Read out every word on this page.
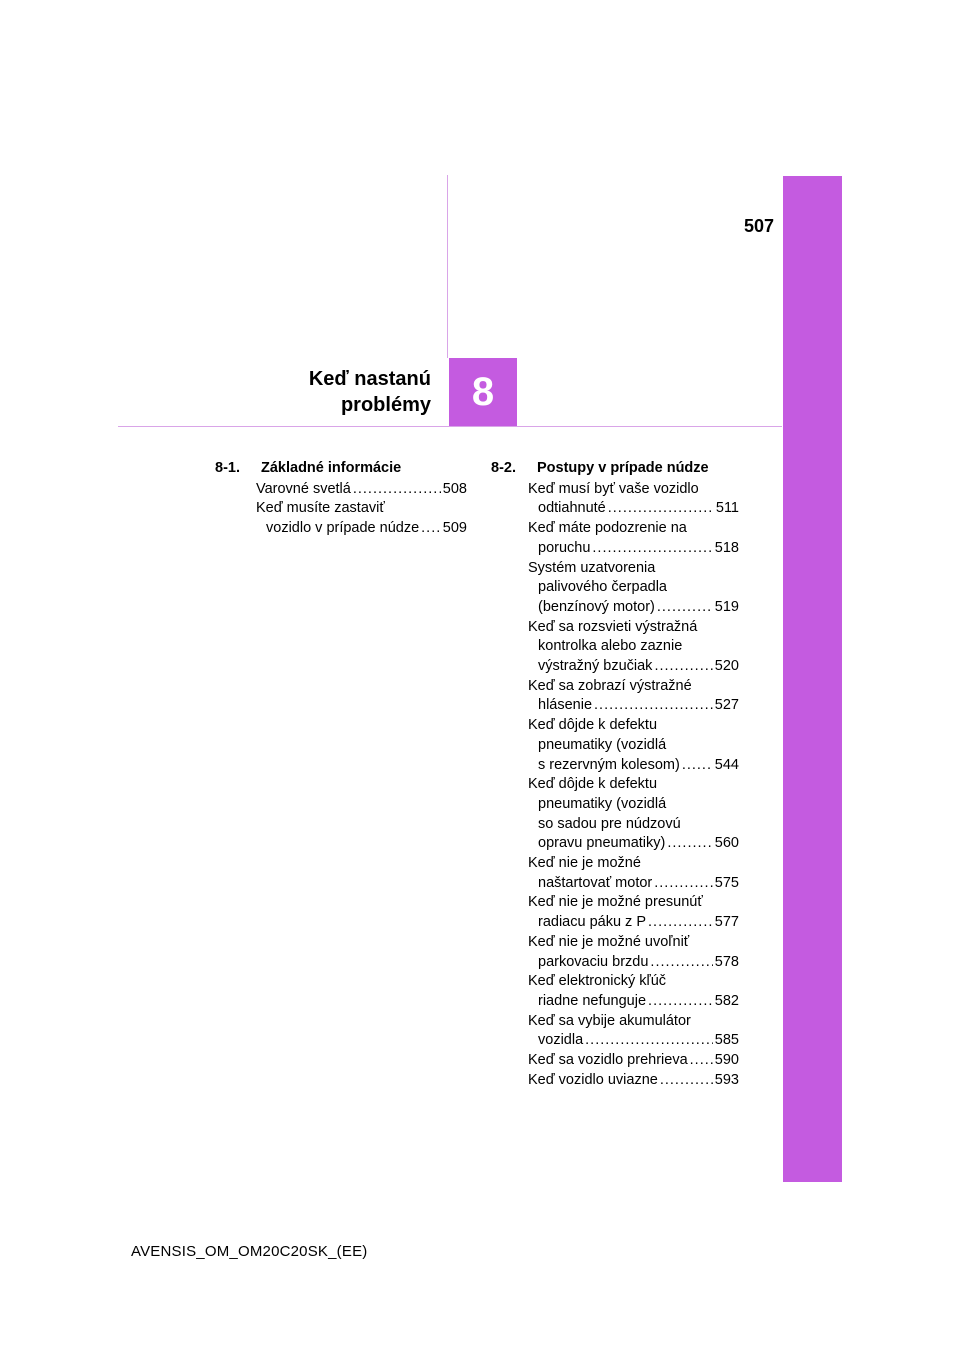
507
Keď nastanú
problémy	8
8-1.	Základné informácie
Varovné svetlá .....	508
Keď musíte zastaviť
vozidlo v prípade núdze ..... 509
8-2.	Postupy v prípade núdze
Keď musí byť vaše vozidlo
odtiahnuté .....	511
Keď máte podozrenie na
poruchu .....	518
Systém uzatvorenia
palivového čerpadla
(benzínový motor) .....	519
Keď sa rozsvieti výstražná
kontrolka alebo zaznie
výstražný bzučiak .....	520
Keď sa zobrazí výstražné
hlásenie .....	527
Keď dôjde k defektu
pneumatiky (vozidlá
s rezervným kolesom) ..... 544
Keď dôjde k defektu
pneumatiky (vozidlá
so sadou pre núdzovú
opravu pneumatiky) .....	560
Keď nie je možné
naštartovať motor .....	575
Keď nie je možné presunúť
radiacu páku z P .....	577
Keď nie je možné uvoľniť
parkovaciu brzdu .....	578
Keď elektronický kľúč
riadne nefunguje .....	582
Keď sa vybije akumulátor
vozidla .....	585
Keď sa vozidlo prehrieva ..... 590
Keď vozidlo uviazne .....	593
AVENSIS_OM_OM20C20SK_(EE)
